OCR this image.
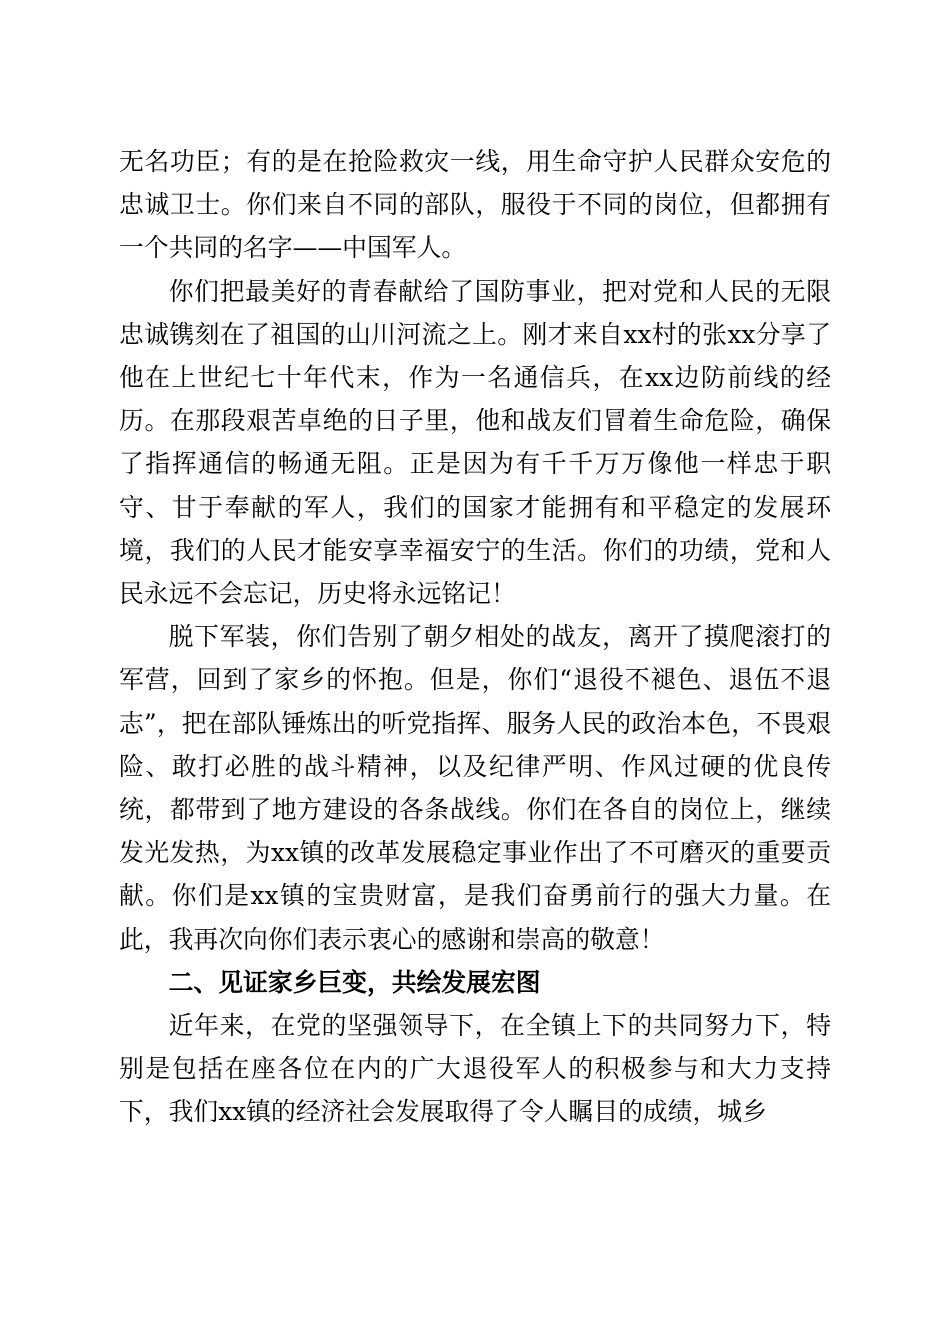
无名功臣；有的是在抢险救灾一线，用生命守护人民群众安危的忠诚卫士。你们来自不同的部队，服役于不同的岗位，但都拥有一个共同的名字——中国军人。

你们把最美好的青春献给了国防事业，把对党和人民的无限忠诚镌刻在了祖国的山川河流之上。刚才来自xx村的张xx分享了他在上世纪七十年代末，作为一名通信兵，在xx边防前线的经历。在那段艰苦卓绝的日子里，他和战友们冒着生命危险，确保了指挥通信的畅通无阻。正是因为有千千万万像他一样忠于职守、甘于奉献的军人，我们的国家才能拥有和平稳定的发展环境，我们的人民才能安享幸福安宁的生活。你们的功绩，党和人民永远不会忘记，历史将永远铭记！

脱下军装，你们告别了朝夕相处的战友，离开了摸爬滚打的军营，回到了家乡的怀抱。但是，你们“退役不褪色、退伍不退志”，把在部队锤炼出的听党指挥、服务人民的政治本色，不畏艰险、敢打必胜的战斗精神，以及纪律严明、作风过硬的优良传统，都带到了地方建设的各条战线。你们在各自的岗位上，继续发光发热，为xx镇的改革发展稳定事业作出了不可磨灭的重要贡献。你们是xx镇的宝贵财富，是我们奋勇前行的强大力量。在此，我再次向你们表示衷心的感谢和崇高的敬意！

二、见证家乡巨变，共绘发展宏图

近年来，在党的坚强领导下，在全镇上下的共同努力下，特别是包括在座各位在内的广大退役军人的积极参与和大力支持下，我们xx镇的经济社会发展取得了令人瞩目的成绩，城乡
